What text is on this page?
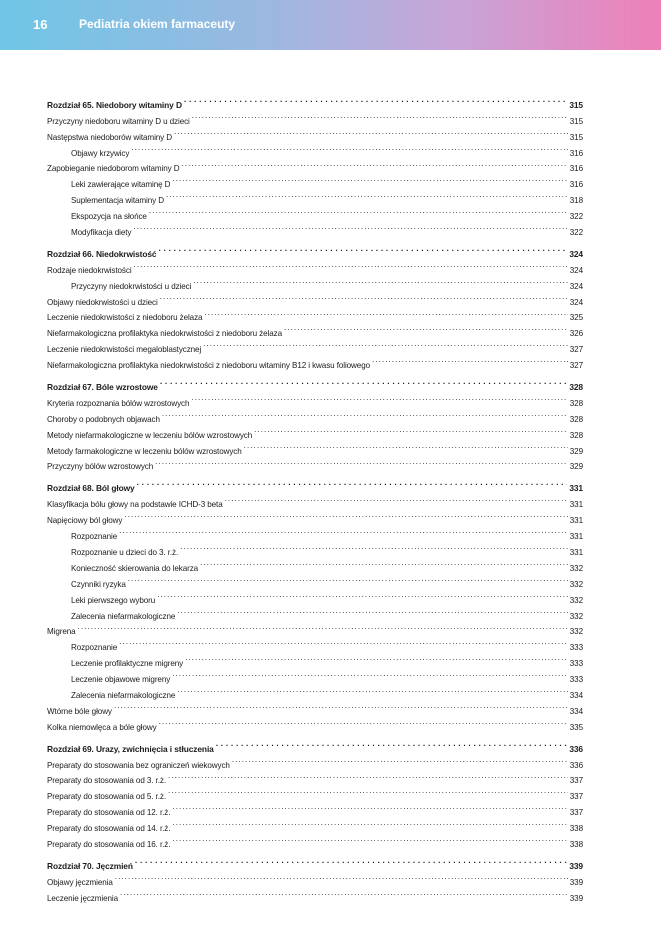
16	Pediatria okiem farmaceuty
Rozdział 65. Niedobory witaminy D . . .	315
Przyczyny niedoboru witaminy D u dzieci . . .	315
Następstwa niedoborów witaminy D . . .	315
Objawy krzywicy . . .	316
Zapobieganie niedoborom witaminy D . . .	316
Leki zawierające witaminę D . . .	316
Suplementacja witaminy D . . .	318
Ekspozycja na słońce . . .	322
Modyfikacja diety . . .	322
Rozdział 66. Niedokrwistość . . .	324
Rodzaje niedokrwistości . . .	324
Przyczyny niedokrwistości u dzieci . . .	324
Objawy niedokrwistości u dzieci . . .	324
Leczenie niedokrwistości z niedoboru żelaza . . .	325
Niefarmakologiczna profilaktyka niedokrwistości z niedoboru żelaza . . .	326
Leczenie niedokrwistości megaloblastycznej . . .	327
Niefarmakologiczna profilaktyka niedokrwistości z niedoboru witaminy B12 i kwasu foliowego . . .	327
Rozdział 67. Bóle wzrostowe . . .	328
Kryteria rozpoznania bólów wzrostowych . . .	328
Choroby o podobnych objawach . . .	328
Metody niefarmakologiczne w leczeniu bólów wzrostowych . . .	328
Metody farmakologiczne w leczeniu bólów wzrostowych . . .	329
Przyczyny bólów wzrostowych . . .	329
Rozdział 68. Ból głowy . . .	331
Klasyfikacja bólu głowy na podstawie ICHD-3 beta . . .	331
Napięciowy ból głowy . . .	331
Rozpoznanie . . .	331
Rozpoznanie u dzieci do 3. r.ż. . . .	331
Konieczność skierowania do lekarza . . .	332
Czynniki ryzyka . . .	332
Leki pierwszego wyboru . . .	332
Zalecenia niefarmakologiczne . . .	332
Migrena . . .	332
Rozpoznanie . . .	333
Leczenie profilaktyczne migreny . . .	333
Leczenie objawowe migreny . . .	333
Zalecenia niefarmakologiczne . . .	334
Wtórne bóle głowy . . .	334
Kolka niemowlęca a bóle głowy . . .	335
Rozdział 69. Urazy, zwichnięcia i stłuczenia . . .	336
Preparaty do stosowania bez ograniczeń wiekowych . . .	336
Preparaty do stosowania od 3. r.ż. . . .	337
Preparaty do stosowania od 5. r.ż. . . .	337
Preparaty do stosowania od 12. r.ż. . . .	337
Preparaty do stosowania od 14. r.ż. . . .	338
Preparaty do stosowania od 16. r.ż. . . .	338
Rozdział 70. Jęczmień . . .	339
Objawy jęczmienia . . .	339
Leczenie jęczmienia . . .	339
